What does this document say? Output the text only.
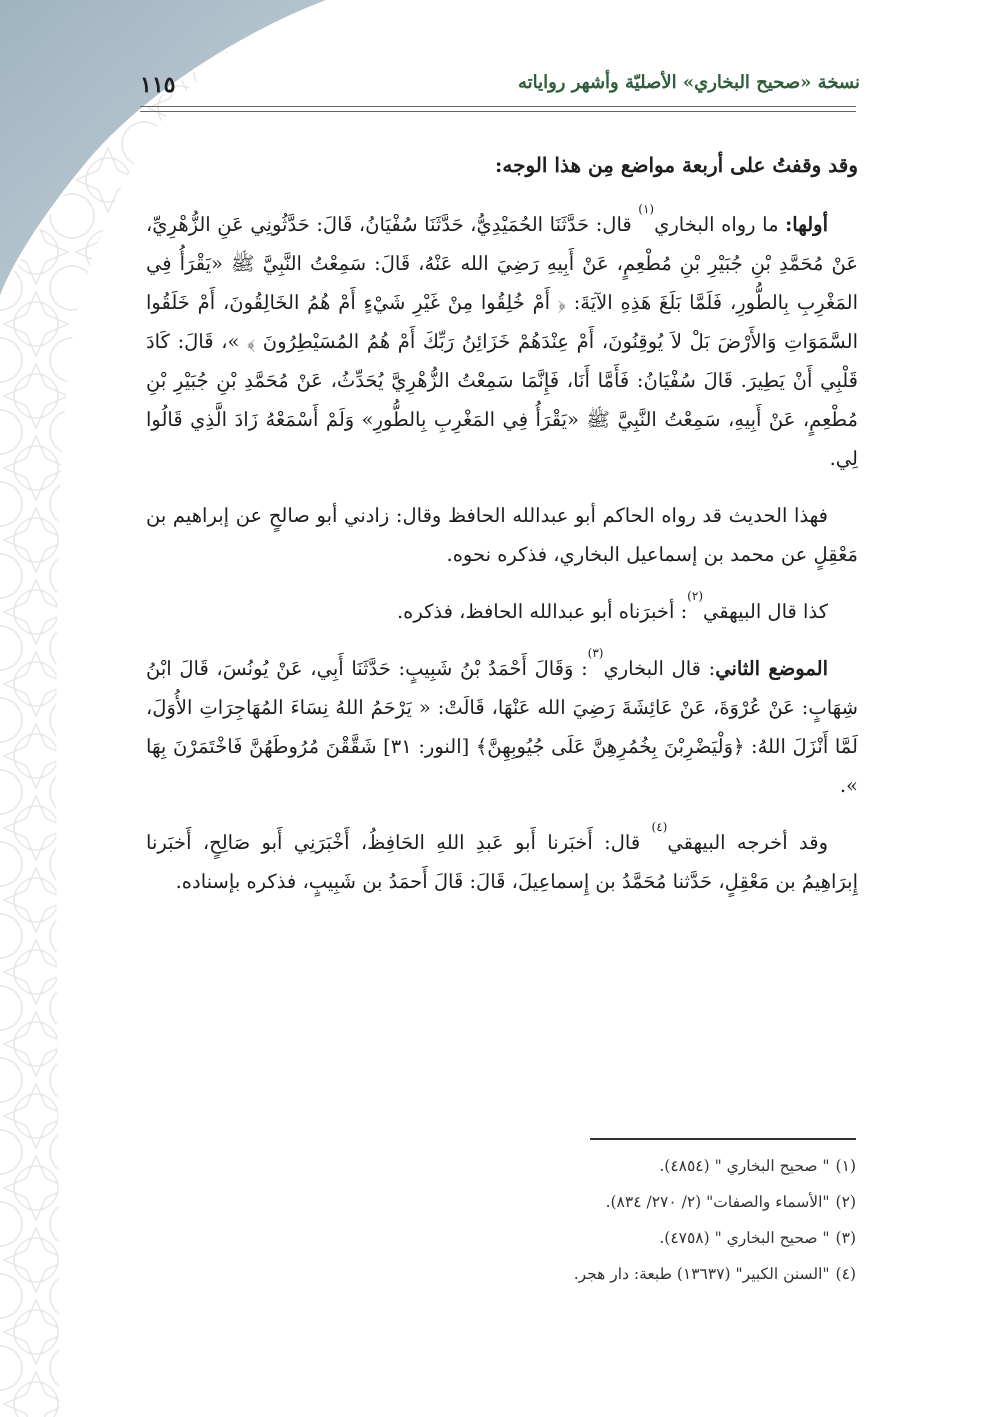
نسخة «صحيح البخاري» الأصليّة وأشهر رواياته
١١٥

وقد وقفتُ على أربعة مواضع مِن هذا الوجه:

أولها: ما رواه البخاري$^{(١)}$ قال: حَدَّثَنَا الحُمَيْدِيُّ، حَدَّثَنَا سُفْيَانُ، قَالَ: حَدَّثُونِي عَنِ الزُّهْرِيِّ، عَنْ مُحَمَّدِ بْنِ جُبَيْرِ بْنِ مُطْعِمٍ، عَنْ أَبِيهِ رَضِيَ الله عَنْهُ، قَالَ: سَمِعْتُ النَّبِيَّ ﷺ «يَقْرَأُ فِي المَغْرِبِ بِالطُّورِ، فَلَمَّا بَلَغَ هَذِهِ الآيَةَ: ﴿ أَمْ خُلِقُوا مِنْ غَيْرِ شَيْءٍ أَمْ هُمُ الخَالِقُونَ، أَمْ خَلَقُوا السَّمَوَاتِ وَالأَرْضَ بَلْ لاَ يُوقِنُونَ، أَمْ عِنْدَهُمْ خَزَائِنُ رَبِّكَ أَمْ هُمُ المُسَيْطِرُونَ ﴾ »، قَالَ: كَادَ قَلْبِي أَنْ يَطِيرَ. قَالَ سُفْيَانُ: فَأَمَّا أَنَا، فَإِنَّمَا سَمِعْتُ الزُّهْرِيَّ يُحَدِّثُ، عَنْ مُحَمَّدِ بْنِ جُبَيْرِ بْنِ مُطْعِمٍ، عَنْ أَبِيهِ، سَمِعْتُ النَّبِيَّ ﷺ «يَقْرَأُ فِي المَغْرِبِ بِالطُّورِ» وَلَمْ أَسْمَعْهُ زَادَ الَّذِي قَالُوا لِي.

فهذا الحديث قد رواه الحاكم أبو عبدالله الحافظ وقال: زادني أبو صالحٍ عن إبراهيم بن مَعْقِلٍ عن محمد بن إسماعيل البخاري، فذكره نحوه.

كذا قال البيهقي$^{(٢)}$: أخبرَناه أبو عبدالله الحافظ، فذكره.

الموضع الثاني: قال البخاري$^{(٣)}$: وَقَالَ أَحْمَدُ بْنُ شَبِيبٍ: حَدَّثَنَا أَبِي، عَنْ يُونُسَ، قَالَ ابْنُ شِهَابٍ: عَنْ عُرْوَةَ، عَنْ عَائِشَةَ رَضِيَ الله عَنْهَا، قَالَتْ: « يَرْحَمُ اللهُ نِسَاءَ المُهَاجِرَاتِ الأُوَلَ، لَمَّا أَنْزَلَ اللهُ: ﴿وَلْيَضْرِبْنَ بِخُمُرِهِنَّ عَلَى جُيُوبِهِنَّ﴾ [النور: ٣١] شَقَّقْنَ مُرُوطَهُنَّ فَاخْتَمَرْنَ بِهَا ».

وقد أخرجه البيهقي$^{(٤)}$ قال: أَخبَرنا أَبو عَبدِ اللهِ الحَافِظُ، أَخْبَرَنِي أَبو صَالِحٍ، أَخبَرنا إِبرَاهِيمُ بن مَعْقِلٍ، حَدَّثنا مُحَمَّدُ بن إِسماعِيلَ، قَالَ: قَالَ أَحمَدُ بن شَبِيبٍ، فذكره بإسناده.

(١)" صحيح البخاري " (٤٨٥٤).
(٢)"الأسماء والصفات" (٢/ ٢٧٠/ ٨٣٤).
(٣)" صحيح البخاري " (٤٧٥٨).
(٤)"السنن الكبير" (١٣٦٣٧) طبعة: دار هجر.
